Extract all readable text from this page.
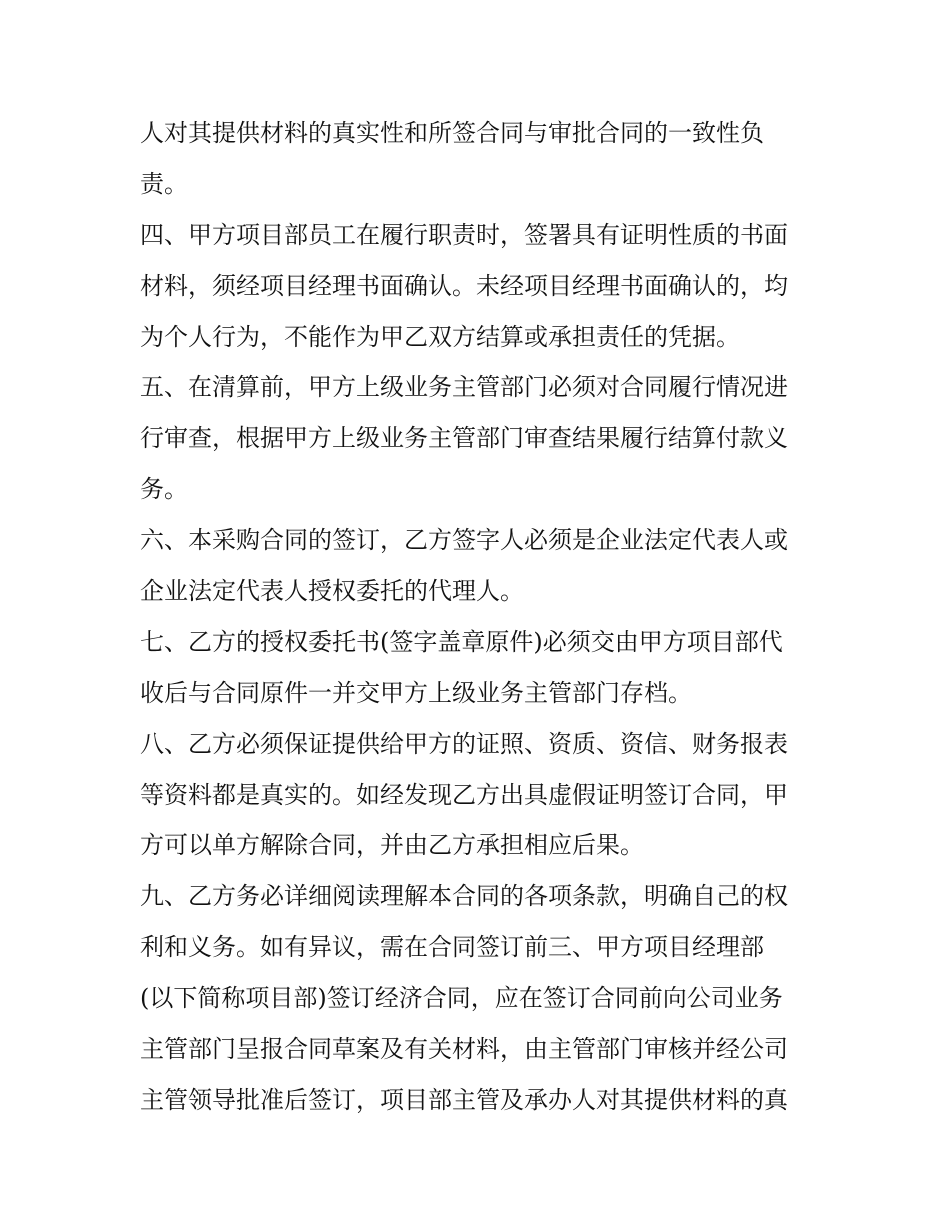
人对其提供材料的真实性和所签合同与审批合同的一致性负
责。
四、甲方项目部员工在履行职责时，签署具有证明性质的书面
材料，须经项目经理书面确认。未经项目经理书面确认的，均
为个人行为，不能作为甲乙双方结算或承担责任的凭据。
五、在清算前，甲方上级业务主管部门必须对合同履行情况进
行审查，根据甲方上级业务主管部门审查结果履行结算付款义
务。
六、本采购合同的签订，乙方签字人必须是企业法定代表人或
企业法定代表人授权委托的代理人。
七、乙方的授权委托书(签字盖章原件)必须交由甲方项目部代
收后与合同原件一并交甲方上级业务主管部门存档。
八、乙方必须保证提供给甲方的证照、资质、资信、财务报表
等资料都是真实的。如经发现乙方出具虚假证明签订合同，甲
方可以单方解除合同，并由乙方承担相应后果。
九、乙方务必详细阅读理解本合同的各项条款，明确自己的权
利和义务。如有异议，需在合同签订前三、甲方项目经理部
(以下简称项目部)签订经济合同，应在签订合同前向公司业务
主管部门呈报合同草案及有关材料，由主管部门审核并经公司
主管领导批准后签订，项目部主管及承办人对其提供材料的真
